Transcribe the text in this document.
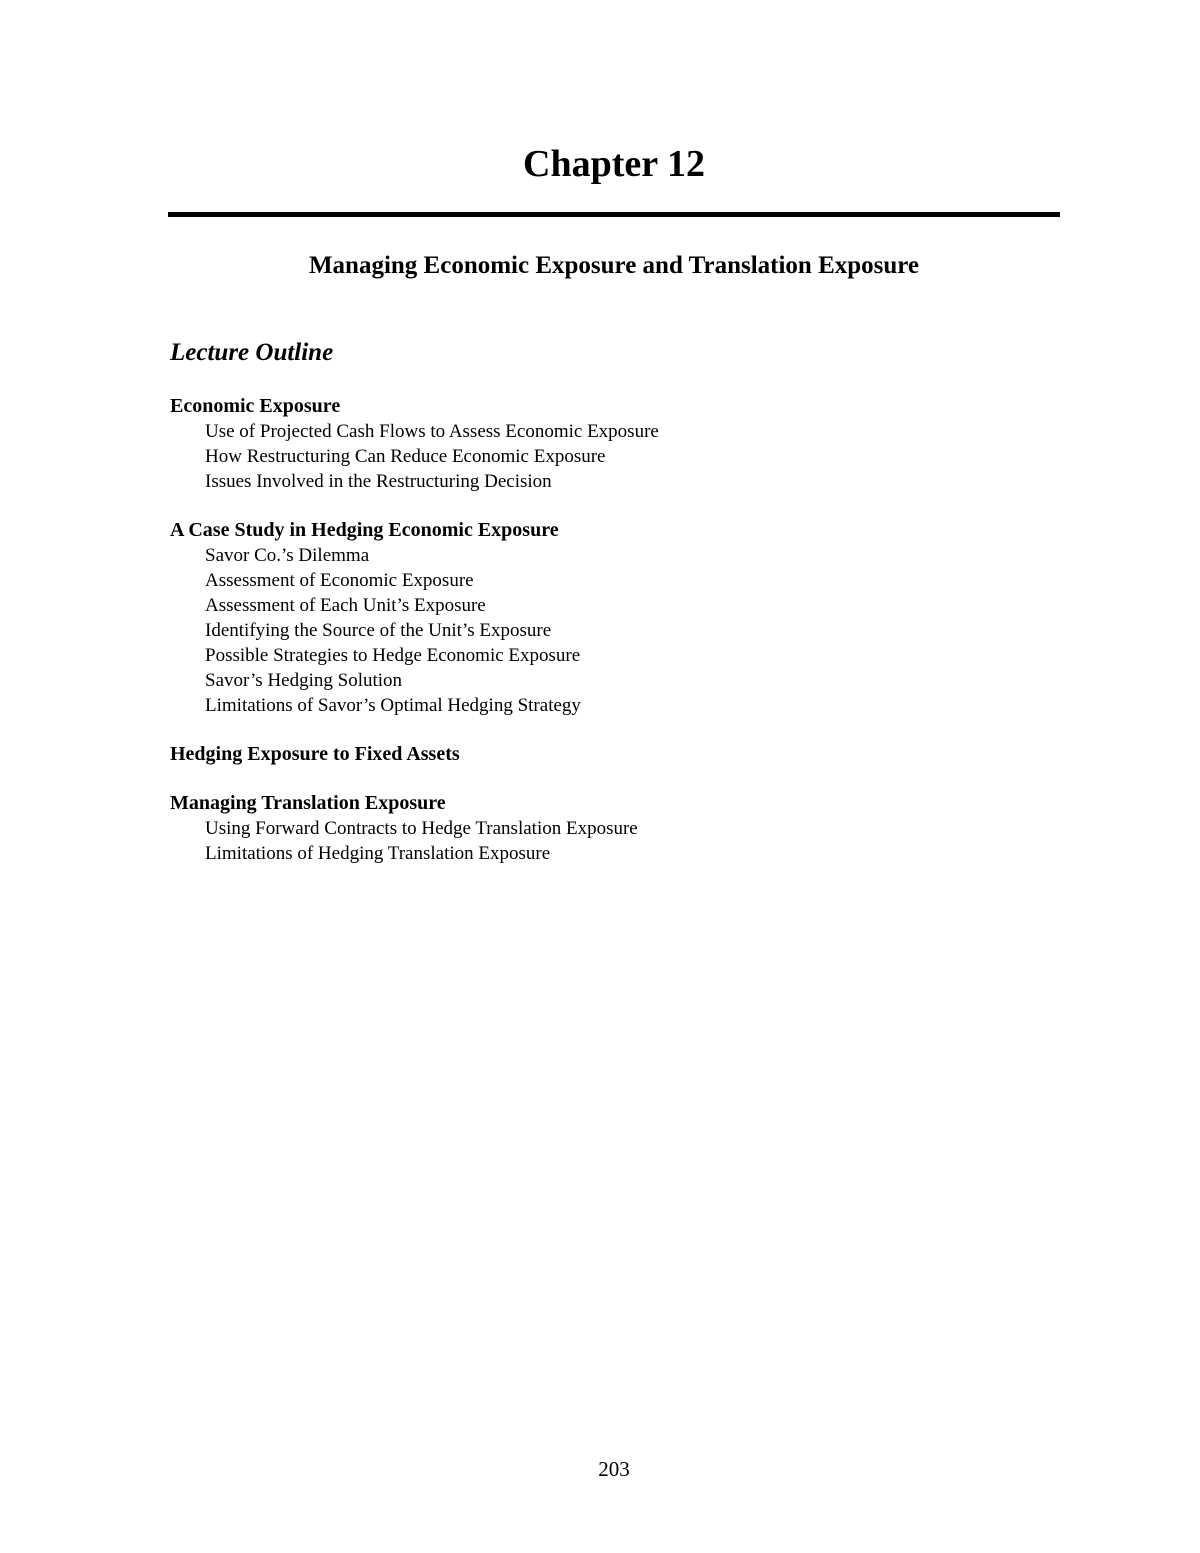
Chapter 12
Managing Economic Exposure and Translation Exposure
Lecture Outline

Economic Exposure

Use of Projected Cash Flows to Assess Economic Exposure
How Restructuring Can Reduce Economic Exposure
Issues Involved in the Restructuring Decision

A Case Study in Hedging Economic Exposure

Savor Co.’s Dilemma
Assessment of Economic Exposure
Assessment of Each Unit’s Exposure
Identifying the Source of the Unit’s Exposure
Possible Strategies to Hedge Economic Exposure
Savor’s Hedging Solution
Limitations of Savor’s Optimal Hedging Strategy

Hedging Exposure to Fixed Assets

Managing Translation Exposure

Using Forward Contracts to Hedge Translation Exposure
Limitations of Hedging Translation Exposure
203
